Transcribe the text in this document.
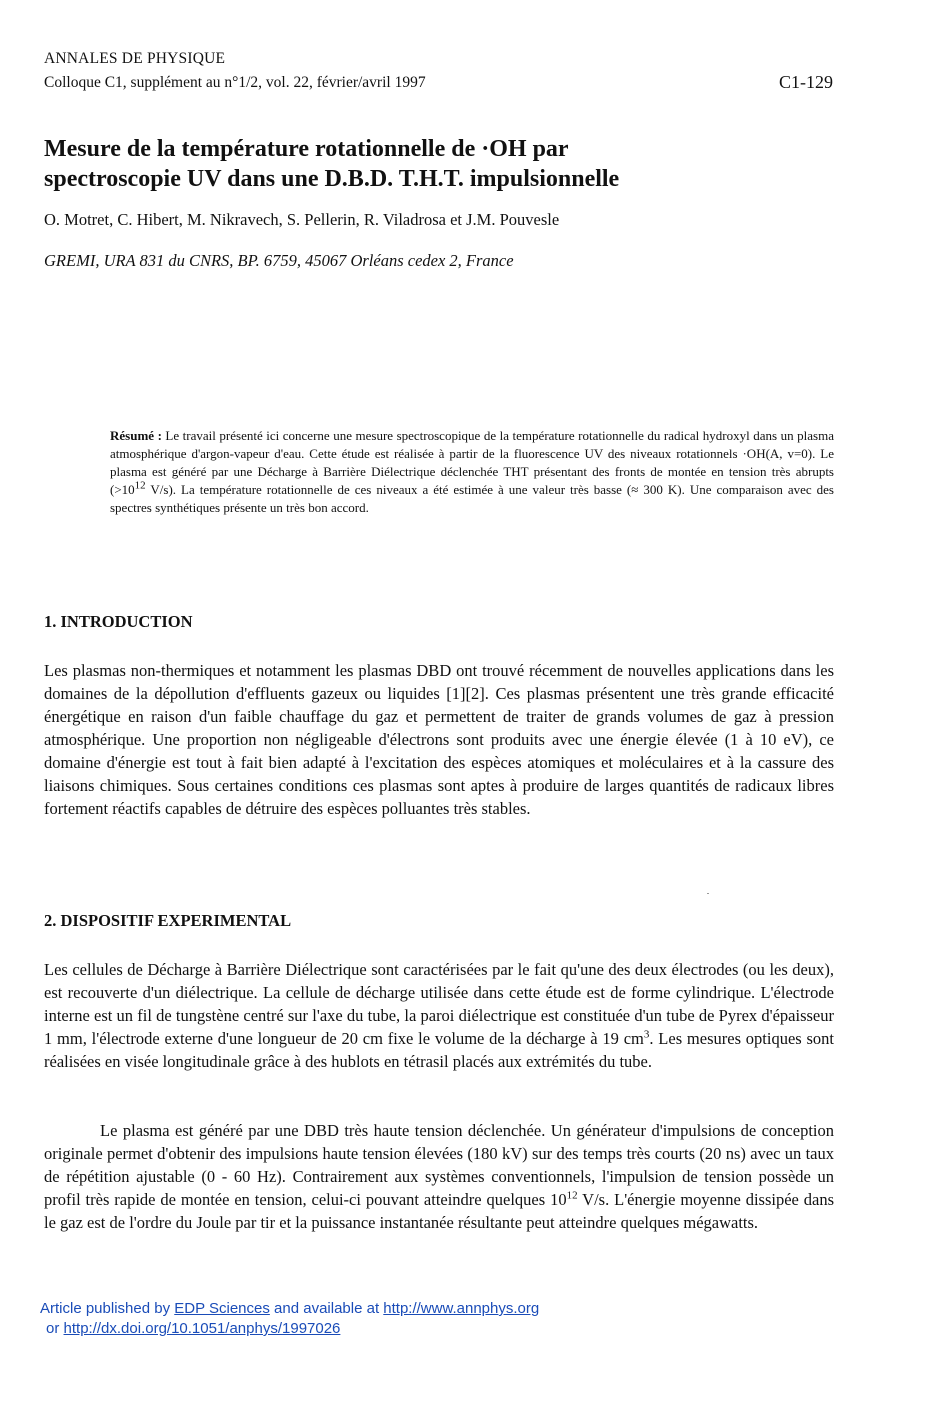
ANNALES DE PHYSIQUE
Colloque C1, supplément au n°1/2, vol. 22, février/avril 1997	C1-129
Mesure de la température rotationnelle de ·OH par
spectroscopie UV dans une D.B.D. T.H.T. impulsionnelle
O. Motret, C. Hibert, M. Nikravech, S. Pellerin, R. Viladrosa et J.M. Pouvesle
GREMI, URA 831 du CNRS, BP. 6759, 45067 Orléans cedex 2, France
Résumé : Le travail présenté ici concerne une mesure spectroscopique de la température rotationnelle du radical hydroxyl dans un plasma atmosphérique d'argon-vapeur d'eau. Cette étude est réalisée à partir de la fluorescence UV des niveaux rotationnels ·OH(A, v=0). Le plasma est généré par une Décharge à Barrière Diélectrique déclenchée THT présentant des fronts de montée en tension très abrupts ($>10^{12}$ V/s). La température rotationnelle de ces niveaux a été estimée à une valeur très basse (≈ 300 K). Une comparaison avec des spectres synthétiques présente un très bon accord.
1. INTRODUCTION
Les plasmas non-thermiques et notamment les plasmas DBD ont trouvé récemment de nouvelles applications dans les domaines de la dépollution d'effluents gazeux ou liquides [1][2]. Ces plasmas présentent une très grande efficacité énergétique en raison d'un faible chauffage du gaz et permettent de traiter de grands volumes de gaz à pression atmosphérique. Une proportion non négligeable d'électrons sont produits avec une énergie élevée (1 à 10 eV), ce domaine d'énergie est tout à fait bien adapté à l'excitation des espèces atomiques et moléculaires et à la cassure des liaisons chimiques. Sous certaines conditions ces plasmas sont aptes à produire de larges quantités de radicaux libres fortement réactifs capables de détruire des espèces polluantes très stables.
2. DISPOSITIF EXPERIMENTAL
Les cellules de Décharge à Barrière Diélectrique sont caractérisées par le fait qu'une des deux électrodes (ou les deux), est recouverte d'un diélectrique. La cellule de décharge utilisée dans cette étude est de forme cylindrique. L'électrode interne est un fil de tungstène centré sur l'axe du tube, la paroi diélectrique est constituée d'un tube de Pyrex d'épaisseur 1 mm, l'électrode externe d'une longueur de 20 cm fixe le volume de la décharge à 19 $cm^3$. Les mesures optiques sont réalisées en visée longitudinale grâce à des hublots en tétrasil placés aux extrémités du tube.
Le plasma est généré par une DBD très haute tension déclenchée. Un générateur d'impulsions de conception originale permet d'obtenir des impulsions haute tension élevées (180 kV) sur des temps très courts (20 ns) avec un taux de répétition ajustable (0 - 60 Hz). Contrairement aux systèmes conventionnels, l'impulsion de tension possède un profil très rapide de montée en tension, celui-ci pouvant atteindre quelques $10^{12}$ V/s. L'énergie moyenne dissipée dans le gaz est de l'ordre du Joule par tir et la puissance instantanée résultante peut atteindre quelques mégawatts.
Article published by EDP Sciences and available at http://www.annphys.org
or http://dx.doi.org/10.1051/anphys/1997026
